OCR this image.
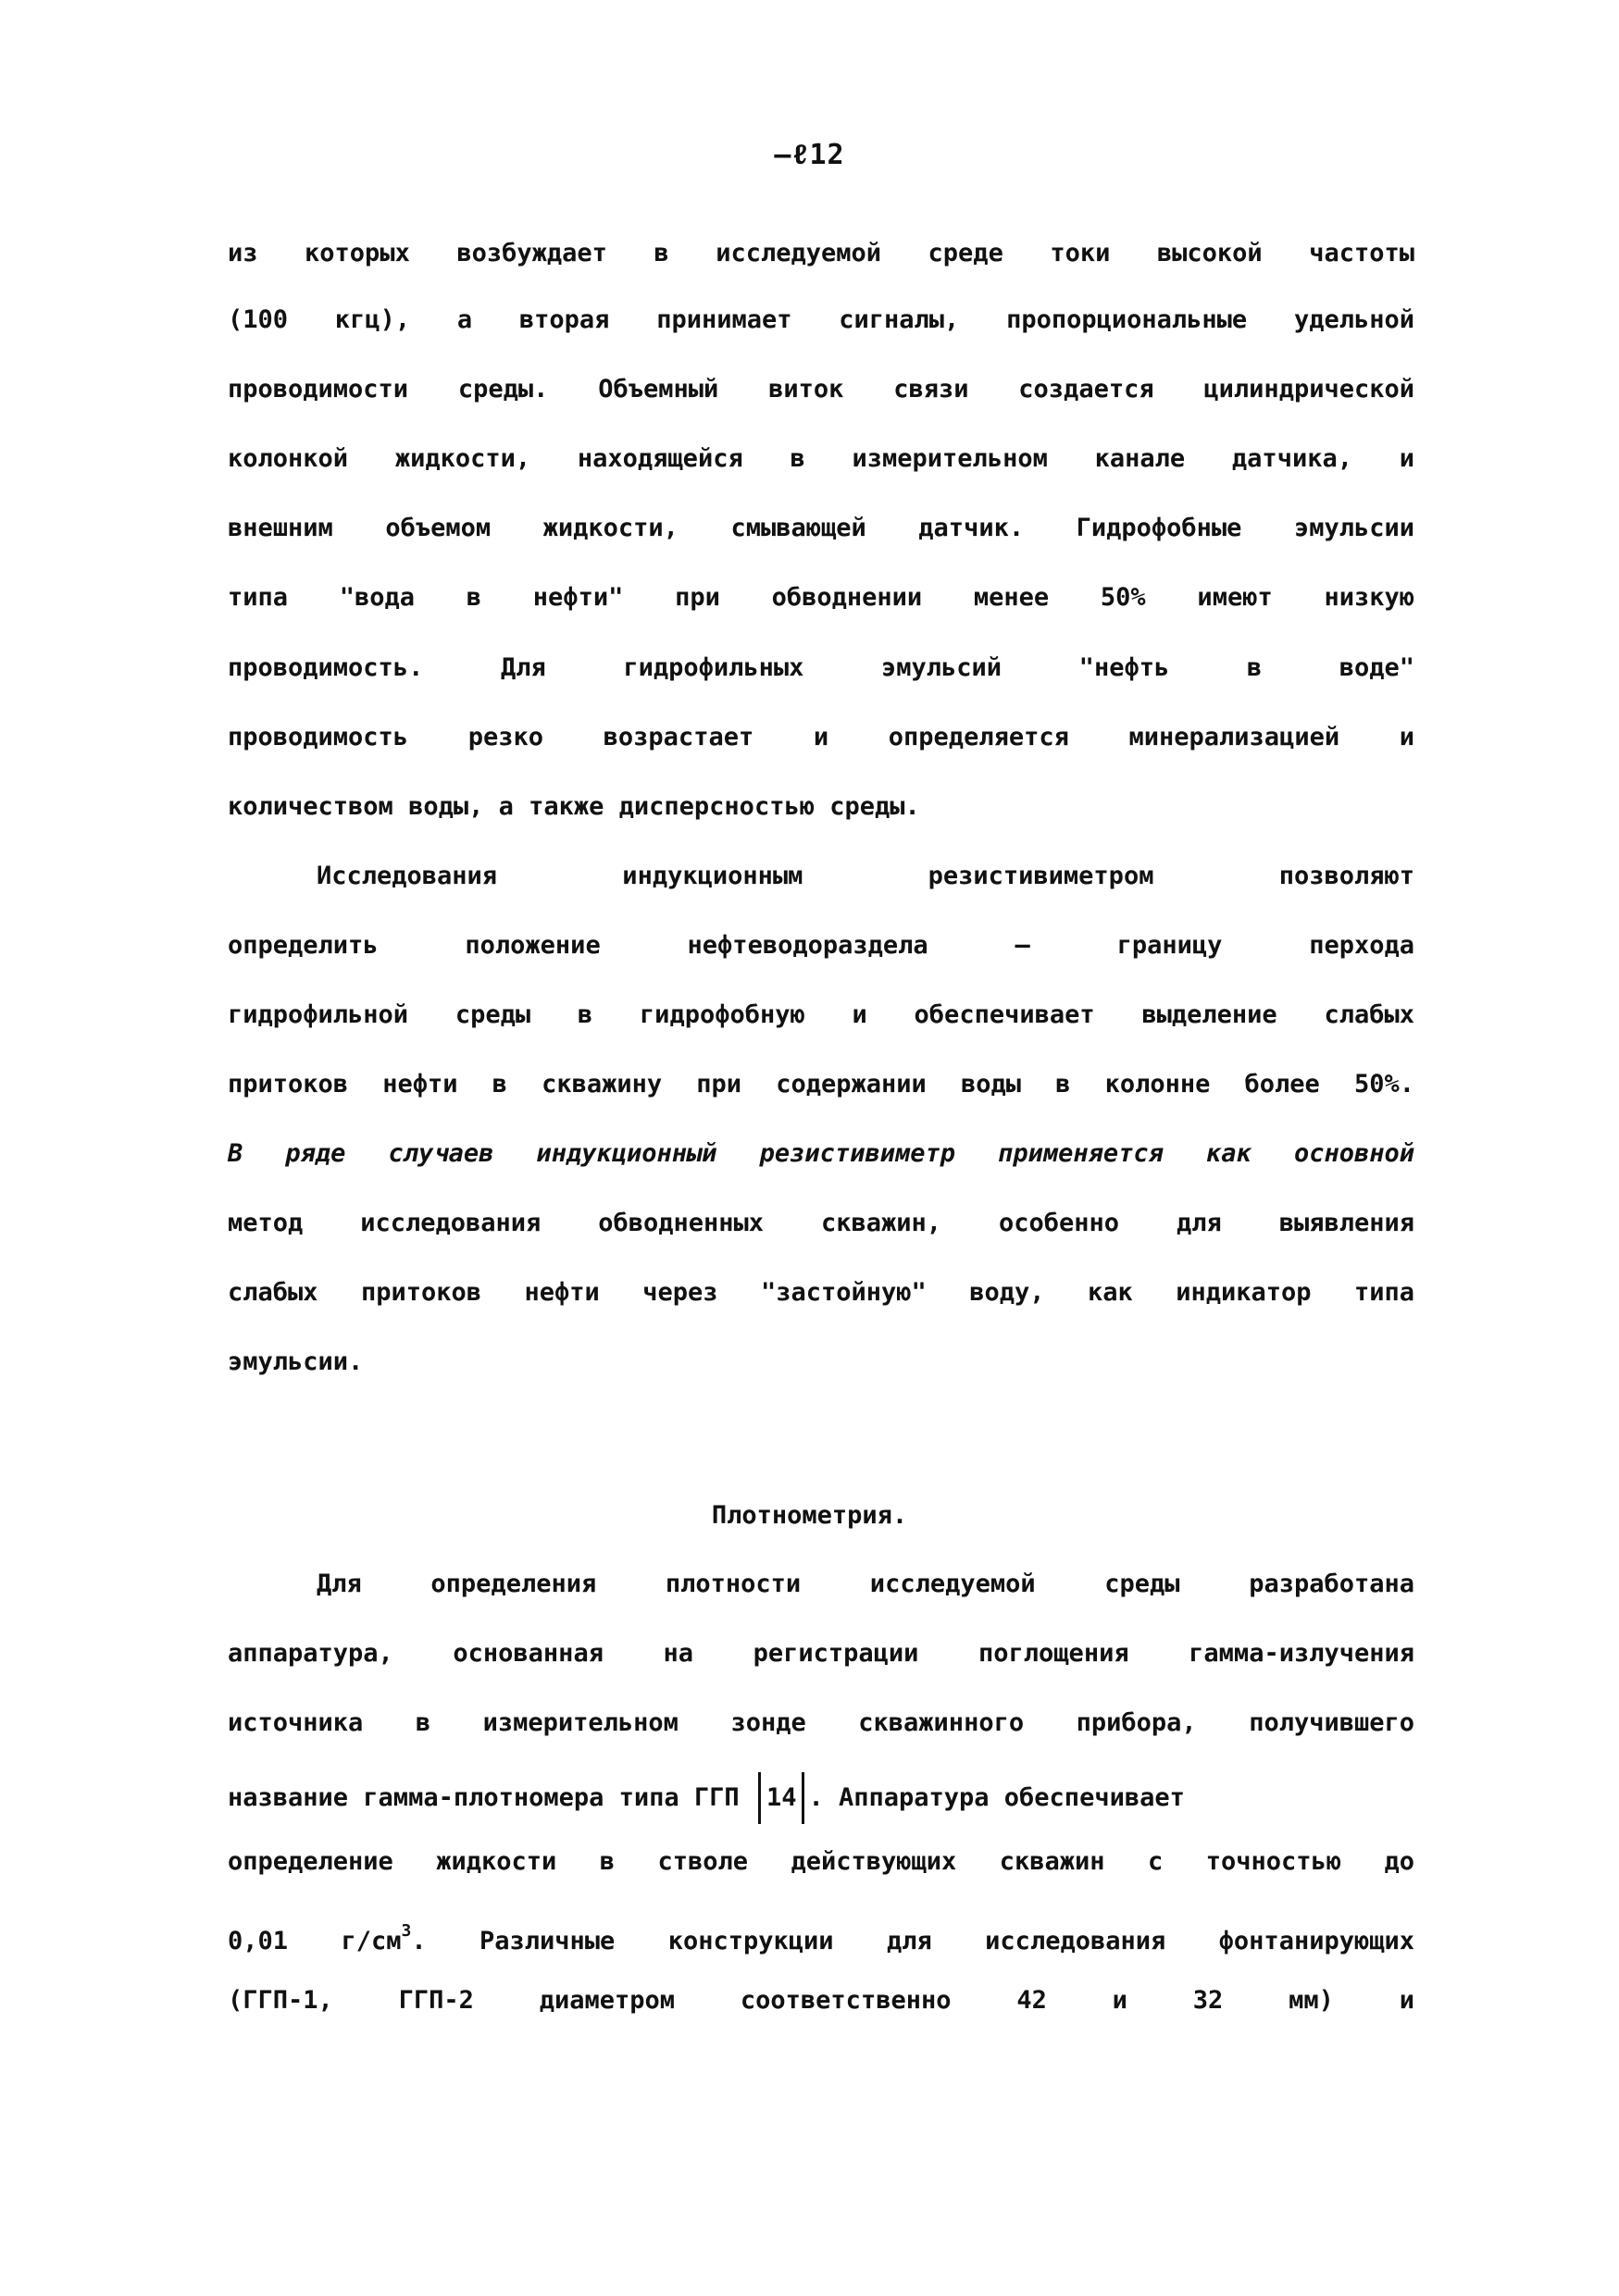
–ℓ12
из которых возбуждает в исследуемой среде токи высокой частоты
(100 кгц), а вторая принимает сигналы, пропорциональные удельной
проводимости среды. Объемный виток связи создается цилиндрической
колонкой жидкости, находящейся в измерительном канале датчика, и
внешним объемом жидкости, смывающей датчик. Гидрофобные эмульсии
типа "вода в нефти" при обводнении менее 50% имеют низкую
проводимость. Для гидрофильных эмульсий "нефть в воде"
проводимость резко возрастает и определяется минерализацией и
количеством воды, а также дисперсностью среды.
Исследования индукционным резистивиметром позволяют
определить положение нефтеводораздела – границу перхода
гидрофильной среды в гидрофобную и обеспечивает выделение слабых
притоков нефти в скважину при содержании воды в колонне более 50%.
В ряде случаев индукционный резистивиметр применяется как основной
метод исследования обводненных скважин, особенно для выявления
слабых притоков нефти через "застойную" воду, как индикатор типа
эмульсии.
Плотнометрия.
Для определения плотности исследуемой среды разработана
аппаратура, основанная на регистрации поглощения гамма-излучения
источника в измерительном зонде скважинного прибора, получившего
название гамма-плотномера типа ГГП 14 . Аппаратура обеспечивает
определение жидкости в стволе действующих скважин с точностью до
0,01 $г/см^3$. Различные конструкции для исследования фонтанирующих
(ГГП-1, ГГП-2 диаметром соответственно 42 и 32 мм) и
